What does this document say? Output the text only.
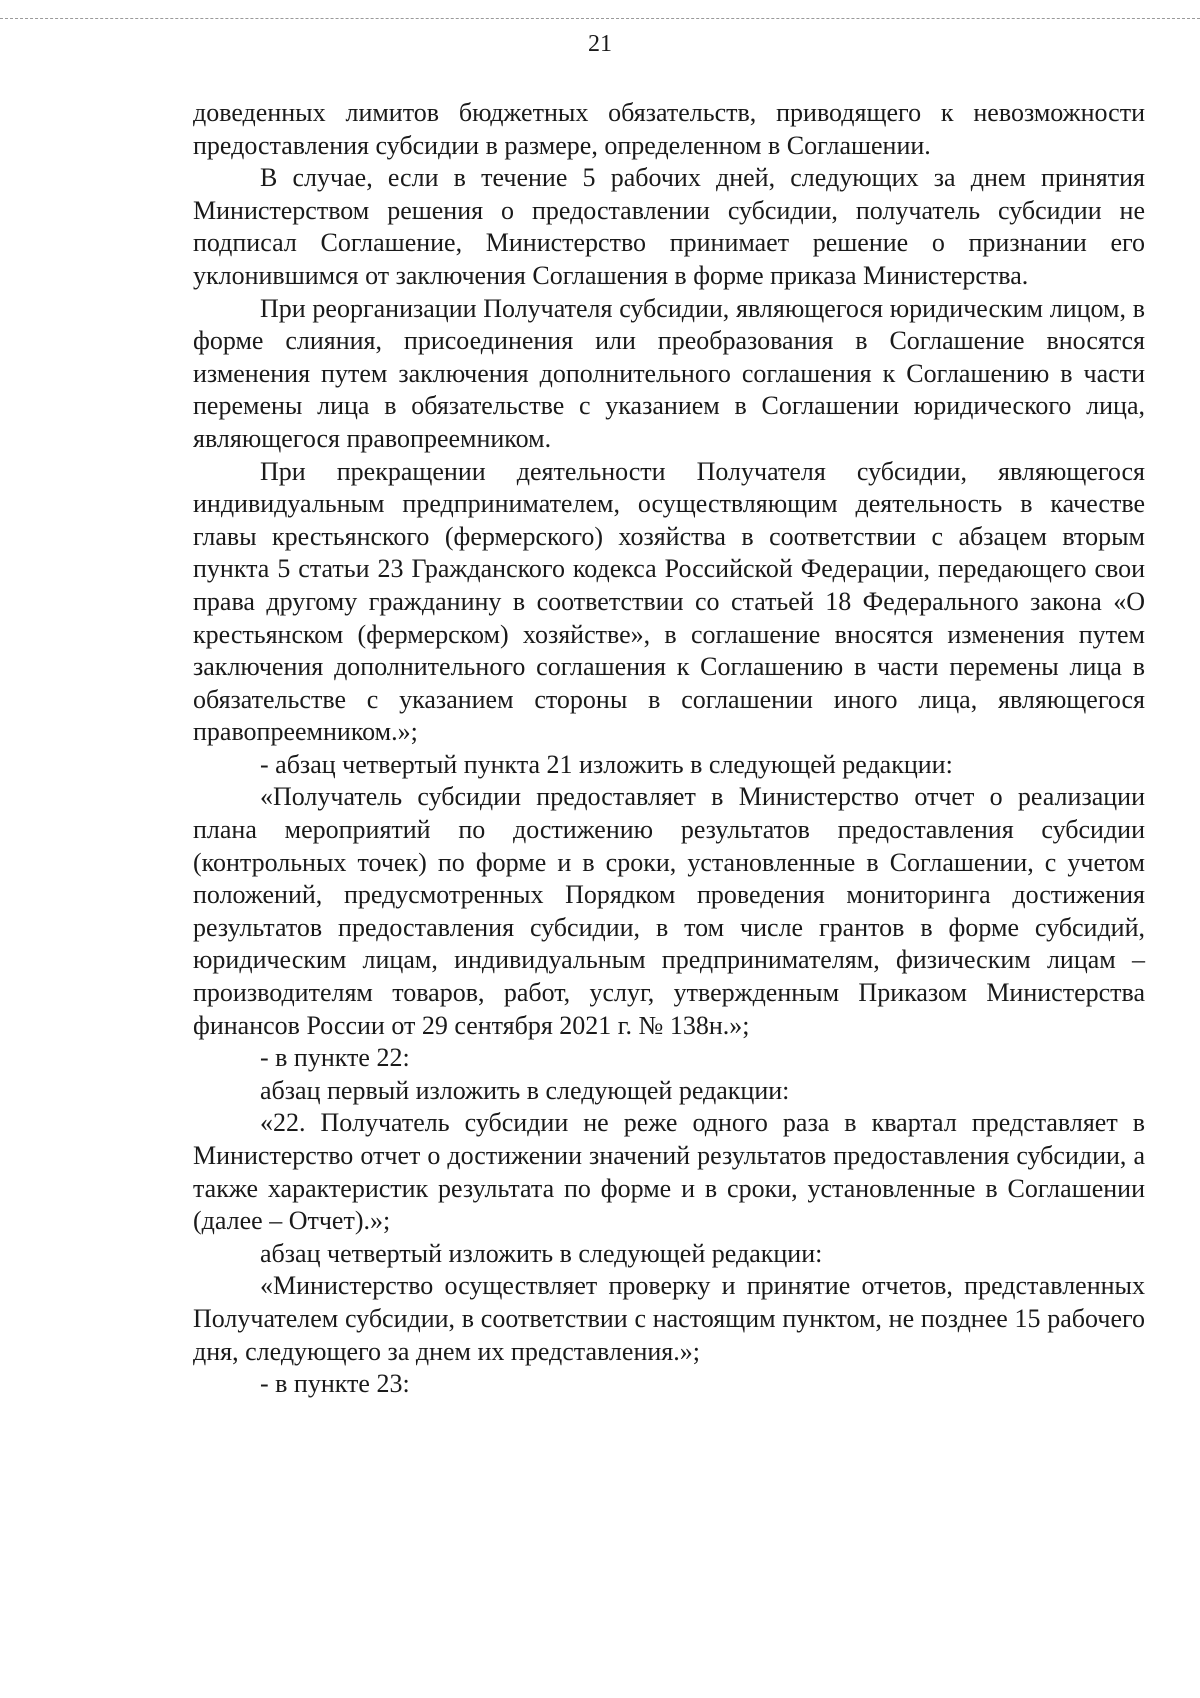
21

доведенных лимитов бюджетных обязательств, приводящего к невозможности предоставления субсидии в размере, определенном в Соглашении.

В случае, если в течение 5 рабочих дней, следующих за днем принятия Министерством решения о предоставлении субсидии, получатель субсидии не подписал Соглашение, Министерство принимает решение о признании его уклонившимся от заключения Соглашения в форме приказа Министерства.

При реорганизации Получателя субсидии, являющегося юридическим лицом, в форме слияния, присоединения или преобразования в Соглашение вносятся изменения путем заключения дополнительного соглашения к Соглашению в части перемены лица в обязательстве с указанием в Соглашении юридического лица, являющегося правопреемником.

При прекращении деятельности Получателя субсидии, являющегося индивидуальным предпринимателем, осуществляющим деятельность в качестве главы крестьянского (фермерского) хозяйства в соответствии с абзацем вторым пункта 5 статьи 23 Гражданского кодекса Российской Федерации, передающего свои права другому гражданину в соответствии со статьей 18 Федерального закона «О крестьянском (фермерском) хозяйстве», в соглашение вносятся изменения путем заключения дополнительного соглашения к Соглашению в части перемены лица в обязательстве с указанием стороны в соглашении иного лица, являющегося правопреемником.»;

- абзац четвертый пункта 21 изложить в следующей редакции:

«Получатель субсидии предоставляет в Министерство отчет о реализации плана мероприятий по достижению результатов предоставления субсидии (контрольных точек) по форме и в сроки, установленные в Соглашении, с учетом положений, предусмотренных Порядком проведения мониторинга достижения результатов предоставления субсидии, в том числе грантов в форме субсидий, юридическим лицам, индивидуальным предпринимателям, физическим лицам – производителям товаров, работ, услуг, утвержденным Приказом Министерства финансов России от 29 сентября 2021 г. № 138н.»;

- в пункте 22:

абзац первый изложить в следующей редакции:

«22. Получатель субсидии не реже одного раза в квартал представляет в Министерство отчет о достижении значений результатов предоставления субсидии, а также характеристик результата по форме и в сроки, установленные в Соглашении (далее – Отчет).»;

абзац четвертый изложить в следующей редакции:

«Министерство осуществляет проверку и принятие отчетов, представленных Получателем субсидии, в соответствии с настоящим пунктом, не позднее 15 рабочего дня, следующего за днем их представления.»;

- в пункте 23:
